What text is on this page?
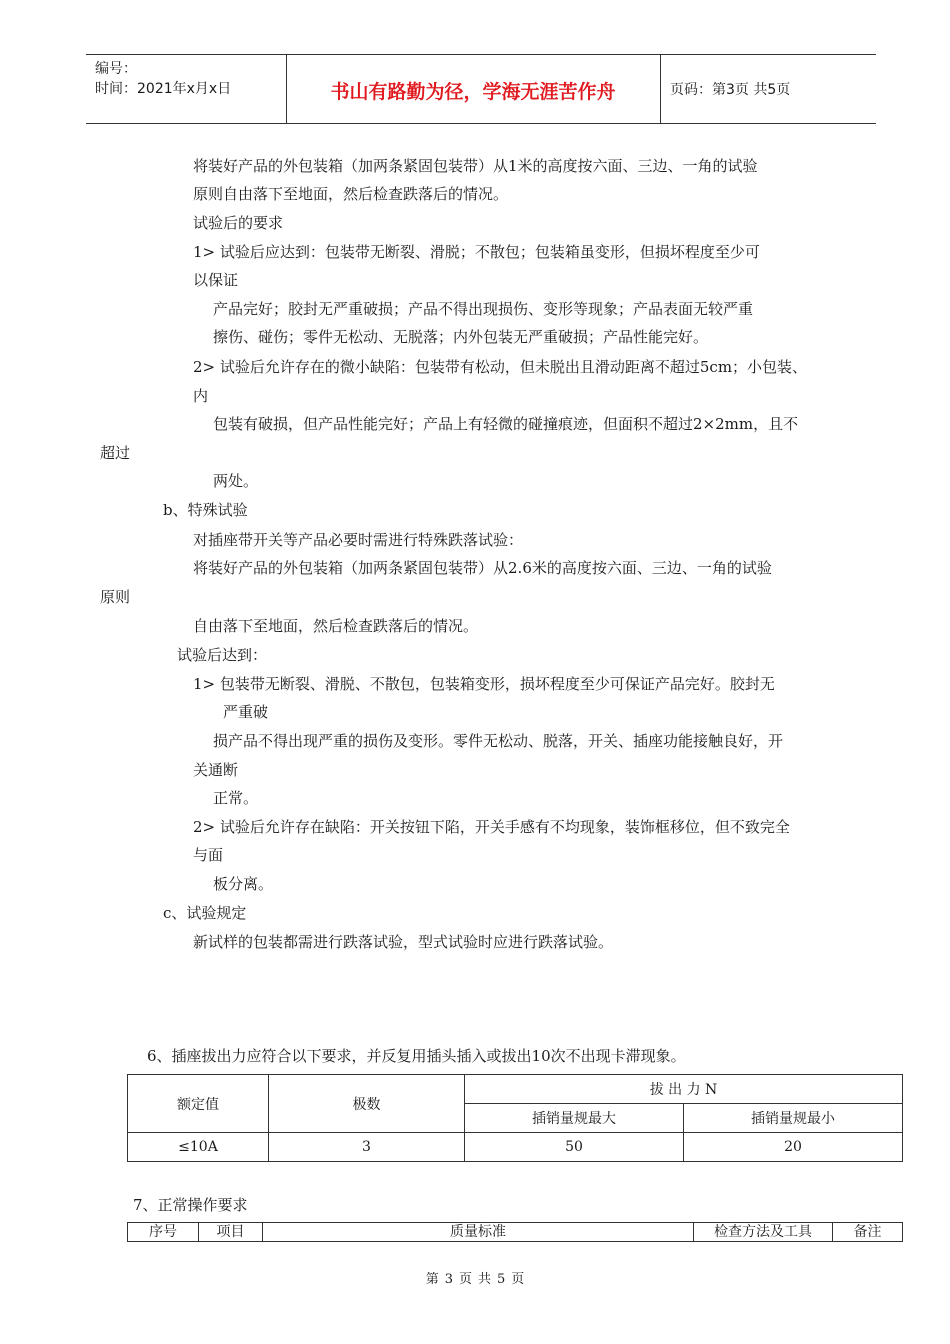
编号：
时间：2021年x月x日	书山有路勤为径，学海无涯苦作舟	页码：第3页 共5页
将装好产品的外包装箱（加两条紧固包装带）从1米的高度按六面、三边、一角的试验
原则自由落下至地面，然后检查跌落后的情况。
试验后的要求
1> 试验后应达到：包装带无断裂、滑脱；不散包；包装箱虽变形，但损坏程度至少可
以保证
产品完好；胶封无严重破损；产品不得出现损伤、变形等现象；产品表面无较严重
擦伤、碰伤；零件无松动、无脱落；内外包装无严重破损；产品性能完好。
2> 试验后允许存在的微小缺陷：包装带有松动，但未脱出且滑动距离不超过5cm；小包装、
内
包装有破损，但产品性能完好；产品上有轻微的碰撞痕迹，但面积不超过2×2mm，且不
超过
两处。
b、特殊试验
对插座带开关等产品必要时需进行特殊跌落试验：
将装好产品的外包装箱（加两条紧固包装带）从2.6米的高度按六面、三边、一角的试验
原则
自由落下至地面，然后检查跌落后的情况。
试验后达到：
1> 包装带无断裂、滑脱、不散包，包装箱变形，损坏程度至少可保证产品完好。胶封无
严重破
损产品不得出现严重的损伤及变形。零件无松动、脱落，开关、插座功能接触良好，开
关通断
正常。
2> 试验后允许存在缺陷：开关按钮下陷，开关手感有不均现象，装饰框移位，但不致完全
与面
板分离。
c、试验规定
新试样的包装都需进行跌落试验，型式试验时应进行跌落试验。
6、插座拔出力应符合以下要求，并反复用插头插入或拔出10次不出现卡滞现象。
额定值	极数	拔 出 力 N	
		插销量规最大	插销量规最小
≤10A	3	50	20
7、正常操作要求
序号	项目	质量标准	检查方法及工具	备注
第 3 页 共 5 页
